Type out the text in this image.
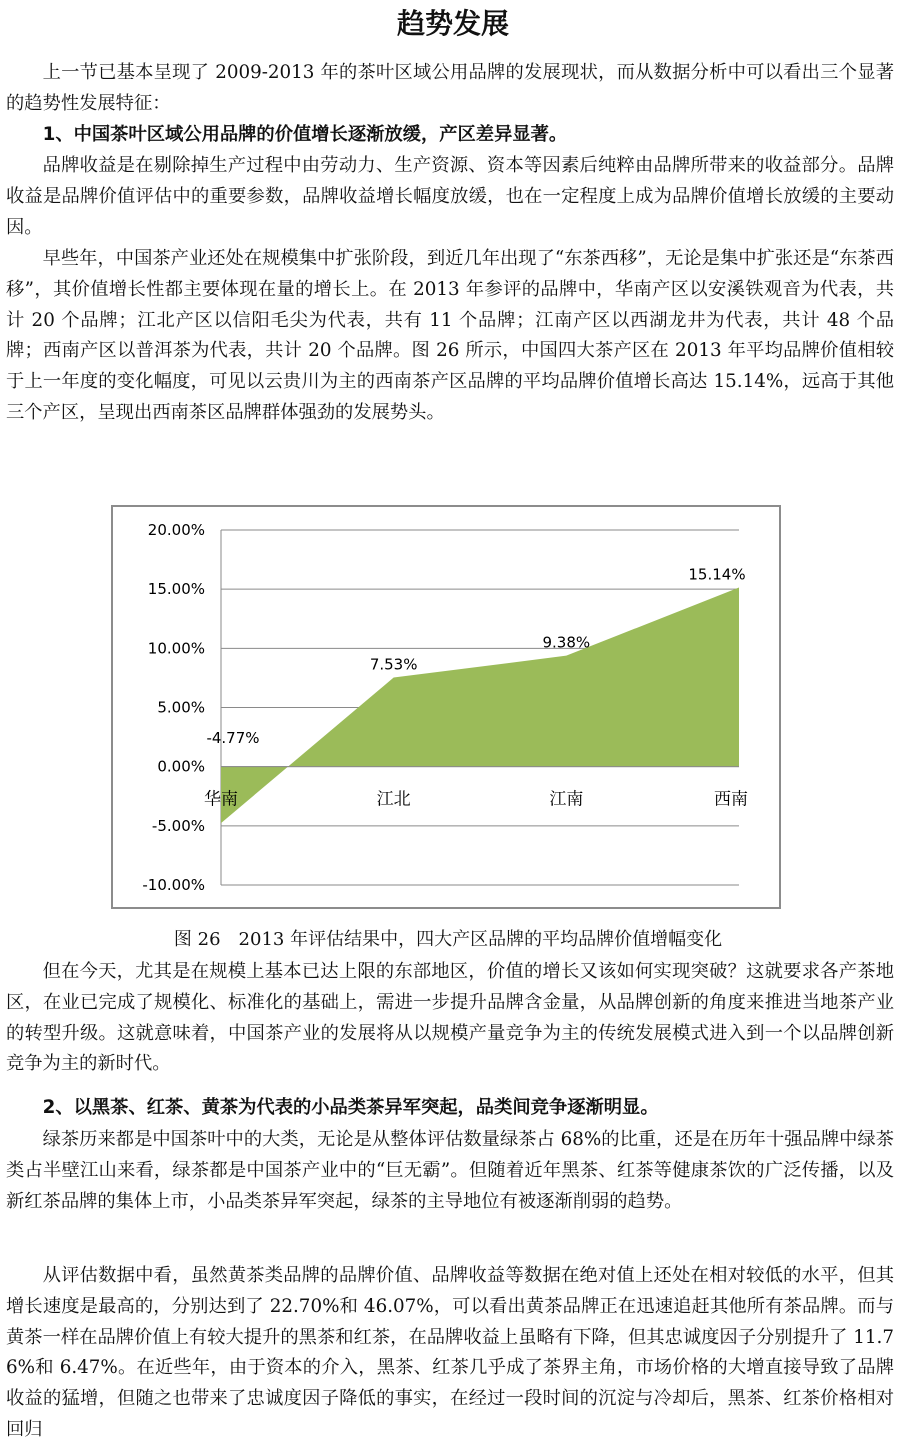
趋势发展

上一节已基本呈现了 2009-2013 年的茶叶区域公用品牌的发展现状，而从数据分析中可以看出三个显著的趋势性发展特征：

1、中国茶叶区域公用品牌的价值增长逐渐放缓，产区差异显著。

品牌收益是在剔除掉生产过程中由劳动力、生产资源、资本等因素后纯粹由品牌所带来的收益部分。品牌收益是品牌价值评估中的重要参数，品牌收益增长幅度放缓，也在一定程度上成为品牌价值增长放缓的主要动因。

早些年，中国茶产业还处在规模集中扩张阶段，到近几年出现了“东茶西移”，无论是集中扩张还是“东茶西移”，其价值增长性都主要体现在量的增长上。在 2013 年参评的品牌中，华南产区以安溪铁观音为代表，共计 20 个品牌；江北产区以信阳毛尖为代表，共有 11 个品牌；江南产区以西湖龙井为代表，共计 48 个品牌；西南产区以普洱茶为代表，共计 20 个品牌。图 26 所示，中国四大茶产区在 2013 年平均品牌价值相较于上一年度的变化幅度，可见以云贵川为主的西南茶产区品牌的平均品牌价值增长高达 15.14%，远高于其他三个产区，呈现出西南茶区品牌群体强劲的发展势头。

-10.00%
-5.00%
0.00%
5.00%
10.00%
15.00%
20.00%
-4.77%
7.53%
9.38%
15.14%
华南	江北	江南	西南
图 26　2013 年评估结果中，四大产区品牌的平均品牌价值增幅变化

但在今天，尤其是在规模上基本已达上限的东部地区，价值的增长又该如何实现突破？这就要求各产茶地区，在业已完成了规模化、标准化的基础上，需进一步提升品牌含金量，从品牌创新的角度来推进当地茶产业的转型升级。这就意味着，中国茶产业的发展将从以规模产量竞争为主的传统发展模式进入到一个以品牌创新竞争为主的新时代。

2、以黑茶、红茶、黄茶为代表的小品类茶异军突起，品类间竞争逐渐明显。

绿茶历来都是中国茶叶中的大类，无论是从整体评估数量绿茶占 68%的比重，还是在历年十强品牌中绿茶类占半壁江山来看，绿茶都是中国茶产业中的“巨无霸”。但随着近年黑茶、红茶等健康茶饮的广泛传播，以及新红茶品牌的集体上市，小品类茶异军突起，绿茶的主导地位有被逐渐削弱的趋势。

从评估数据中看，虽然黄茶类品牌的品牌价值、品牌收益等数据在绝对值上还处在相对较低的水平，但其增长速度是最高的，分别达到了 22.70%和 46.07%，可以看出黄茶品牌正在迅速追赶其他所有茶品牌。而与黄茶一样在品牌价值上有较大提升的黑茶和红茶，在品牌收益上虽略有下降，但其忠诚度因子分别提升了 11.76%和 6.47%。在近些年，由于资本的介入，黑茶、红茶几乎成了茶界主角，市场价格的大增直接导致了品牌收益的猛增，但随之也带来了忠诚度因子降低的事实，在经过一段时间的沉淀与冷却后，黑茶、红茶价格相对回归
